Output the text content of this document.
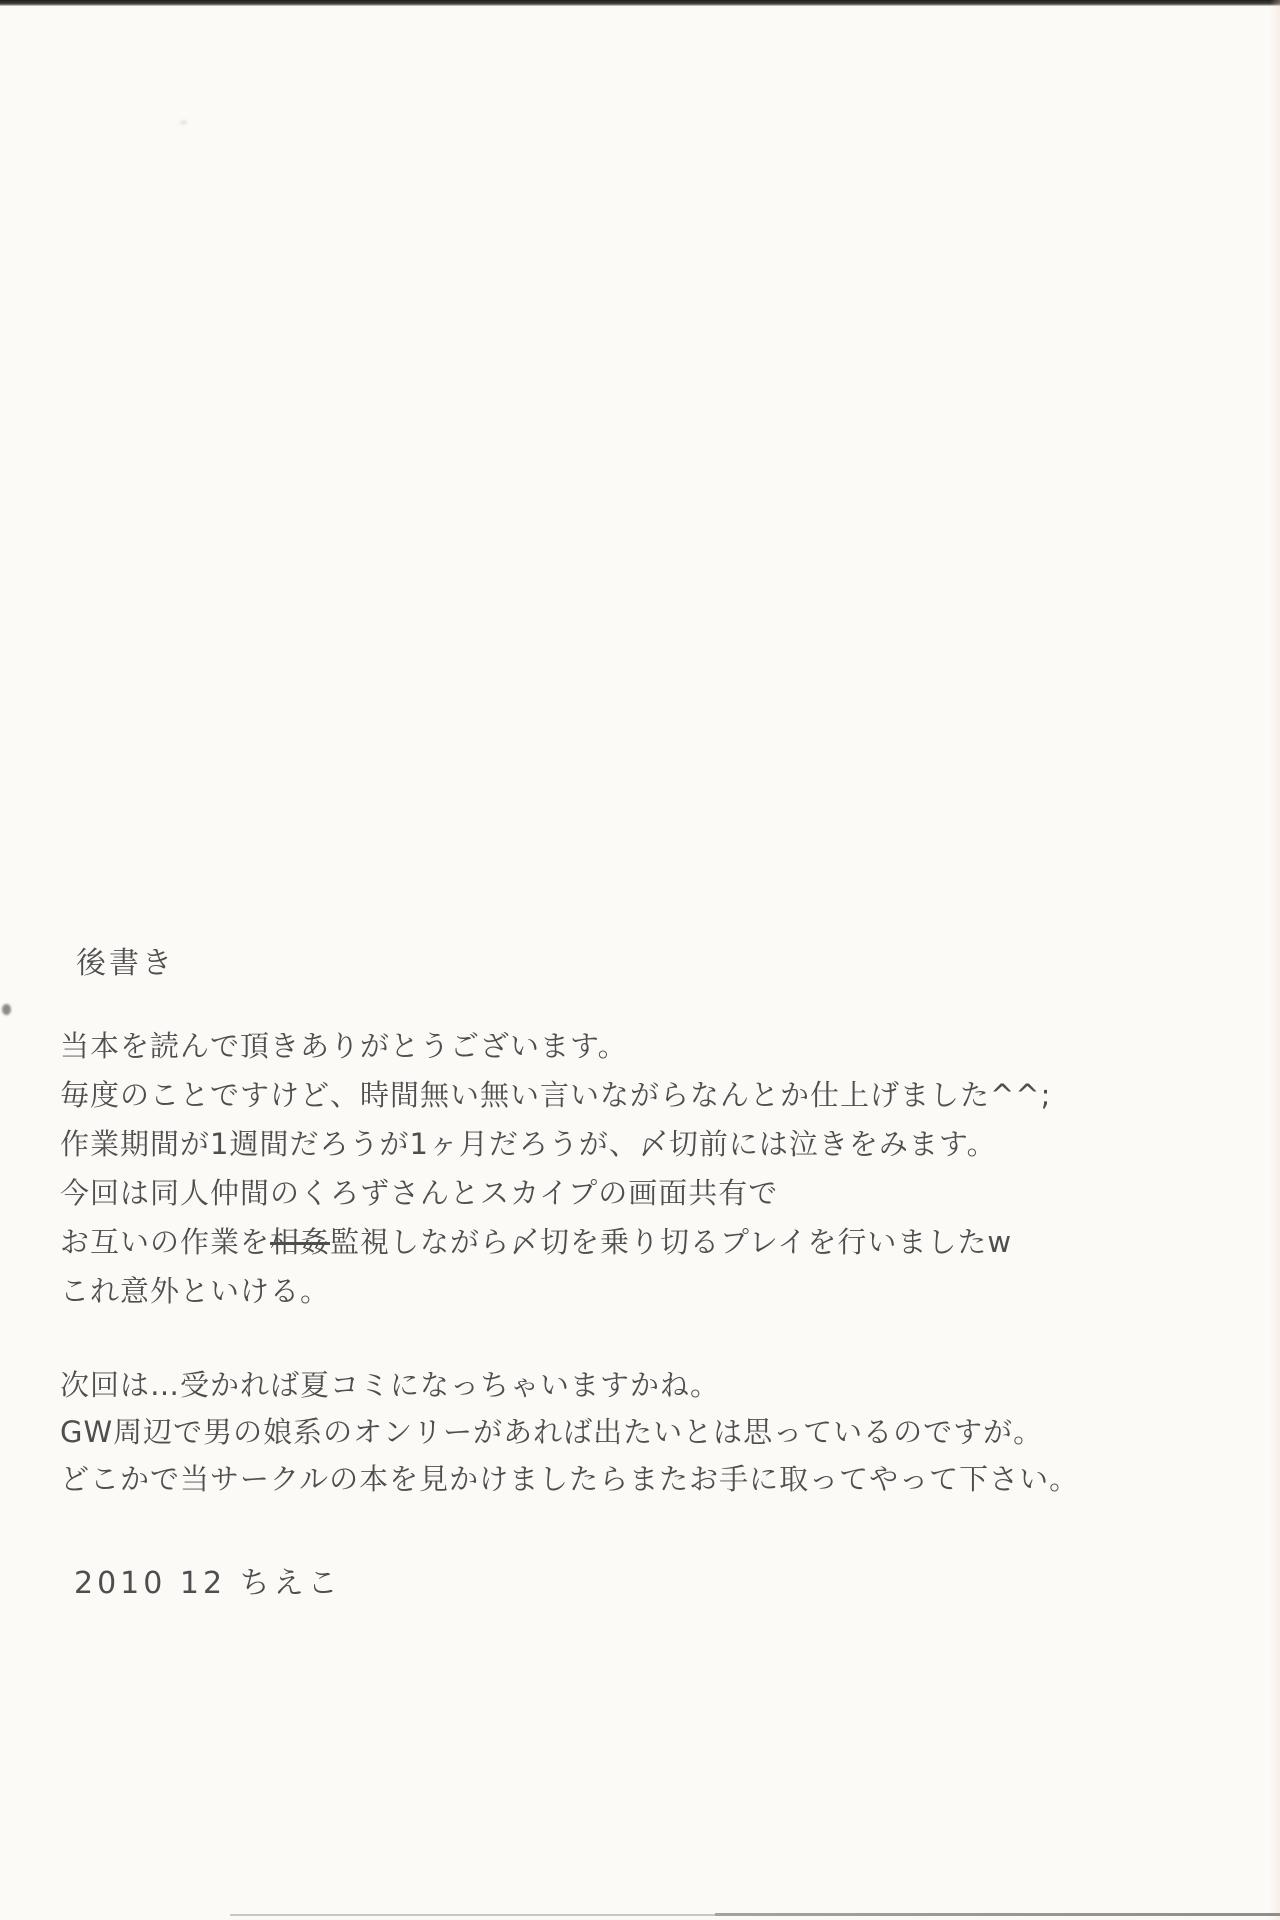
後書き
当本を読んで頂きありがとうございます。
毎度のことですけど、時間無い無い言いながらなんとか仕上げました^^;
作業期間が1週間だろうが1ヶ月だろうが、〆切前には泣きをみます。
今回は同人仲間のくろずさんとスカイプの画面共有で
お互いの作業を相姦監視しながら〆切を乗り切るプレイを行いましたw
これ意外といける。
次回は…受かれば夏コミになっちゃいますかね。
GW周辺で男の娘系のオンリーがあれば出たいとは思っているのですが。
どこかで当サークルの本を見かけましたらまたお手に取ってやって下さい。
2010 12 ちえこ
